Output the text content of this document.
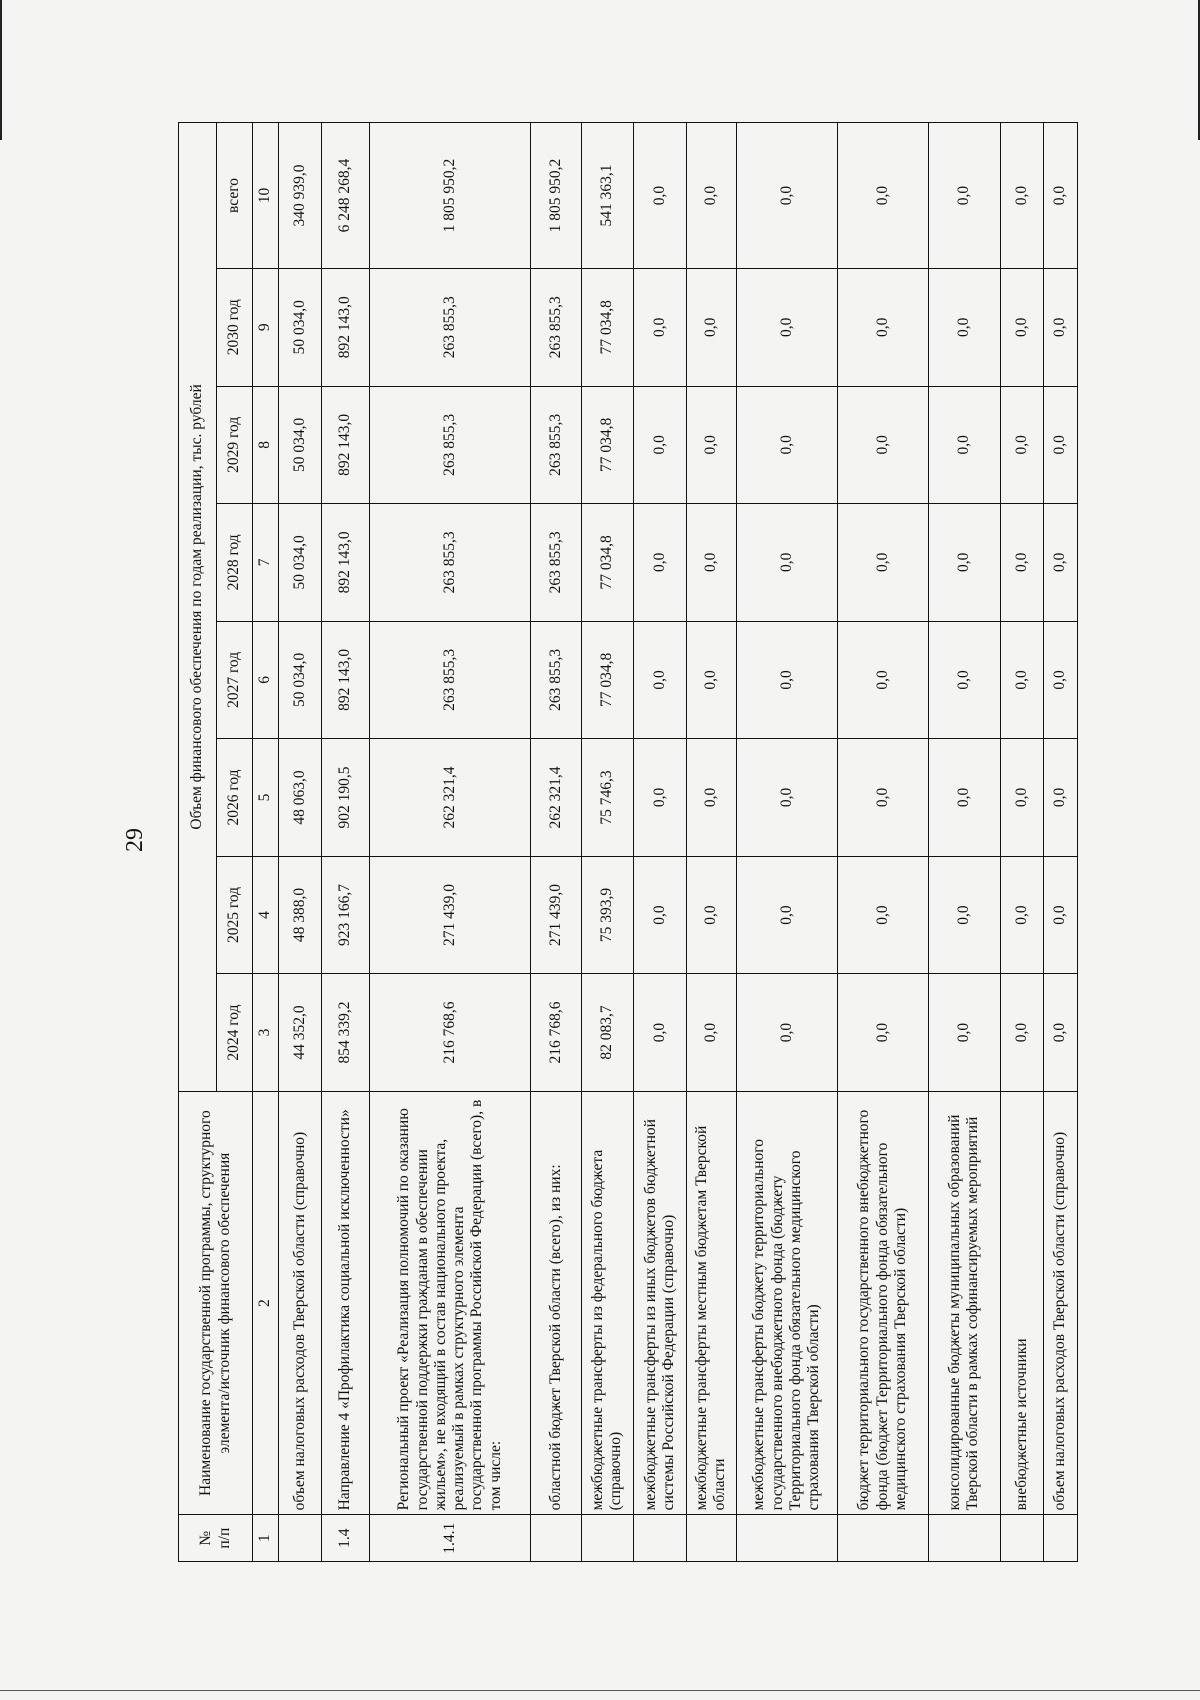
29
№
п/п	Наименование государственной программы, структурного элемента/источник финансового обеспечения	Объем финансового обеспечения по годам реализации, тыс. рублей							
		2024 год	2025 год	2026 год	2027 год	2028 год	2029 год	2030 год	всего
1	2	3	4	5	6	7	8	9	10
	объем налоговых расходов Тверской области (справочно)	44 352,0	48 388,0	48 063,0	50 034,0	50 034,0	50 034,0	50 034,0	340 939,0
1.4	Направление 4 «Профилактика социальной исключенности»	854 339,2	923 166,7	902 190,5	892 143,0	892 143,0	892 143,0	892 143,0	6 248 268,4
1.4.1	Региональный проект «Реализация полномочий по оказанию государственной поддержки гражданам в обеспечении жильем», не входящий в состав национального проекта, реализуемый в рамках структурного элемента государственной программы Российской Федерации (всего), в том числе:	216 768,6	271 439,0	262 321,4	263 855,3	263 855,3	263 855,3	263 855,3	1 805 950,2
	областной бюджет Тверской области (всего), из них:	216 768,6	271 439,0	262 321,4	263 855,3	263 855,3	263 855,3	263 855,3	1 805 950,2
	межбюджетные трансферты из федерального бюджета (справочно)	82 083,7	75 393,9	75 746,3	77 034,8	77 034,8	77 034,8	77 034,8	541 363,1
	межбюджетные трансферты из иных бюджетов бюджетной системы Российской Федерации (справочно)	0,0	0,0	0,0	0,0	0,0	0,0	0,0	0,0
	межбюджетные трансферты местным бюджетам Тверской области	0,0	0,0	0,0	0,0	0,0	0,0	0,0	0,0
	межбюджетные трансферты бюджету территориального государственного внебюджетного фонда (бюджету Территориального фонда обязательного медицинского страхования Тверской области)	0,0	0,0	0,0	0,0	0,0	0,0	0,0	0,0
	бюджет территориального государственного внебюджетного фонда (бюджет Территориального фонда обязательного медицинского страхования Тверской области)	0,0	0,0	0,0	0,0	0,0	0,0	0,0	0,0
	консолидированные бюджеты муниципальных образований Тверской области в рамках софинансируемых мероприятий	0,0	0,0	0,0	0,0	0,0	0,0	0,0	0,0
	внебюджетные источники	0,0	0,0	0,0	0,0	0,0	0,0	0,0	0,0
	объем налоговых расходов Тверской области (справочно)	0,0	0,0	0,0	0,0	0,0	0,0	0,0	0,0
